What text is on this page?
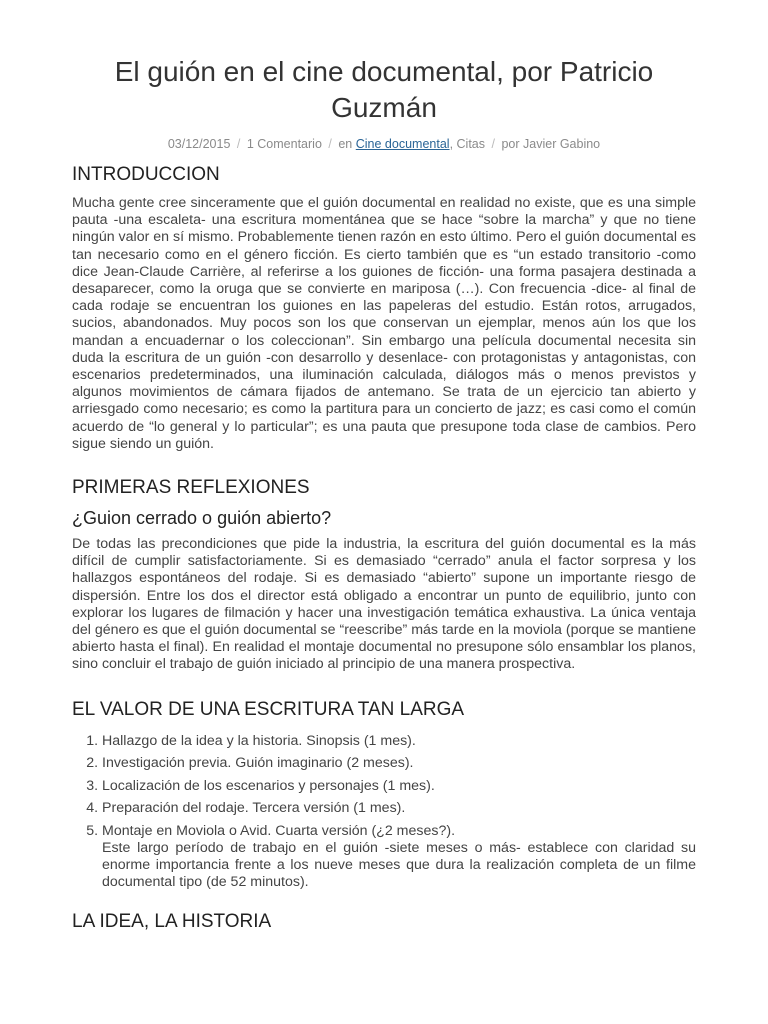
El guión en el cine documental, por Patricio Guzmán
03/12/2015 / 1 Comentario / en Cine documental, Citas / por Javier Gabino
INTRODUCCION

Mucha gente cree sinceramente que el guión documental en realidad no existe, que es una simple pauta -una escaleta- una escritura momentánea que se hace “sobre la marcha” y que no tiene ningún valor en sí mismo. Probablemente tienen razón en esto último. Pero el guión documental es tan necesario como en el género ficción. Es cierto también que es “un estado transitorio -como dice Jean-Claude Carrière, al referirse a los guiones de ficción- una forma pasajera destinada a desaparecer, como la oruga que se convierte en mariposa (…). Con frecuencia -dice- al final de cada rodaje se encuentran los guiones en las papeleras del estudio. Están rotos, arrugados, sucios, abandonados. Muy pocos son los que conservan un ejemplar, menos aún los que los mandan a encuadernar o los coleccionan”. Sin embargo una película documental necesita sin duda la escritura de un guión -con desarrollo y desenlace- con protagonistas y antagonistas, con escenarios predeterminados, una iluminación calculada, diálogos más o menos previstos y algunos movimientos de cámara fijados de antemano. Se trata de un ejercicio tan abierto y arriesgado como necesario; es como la partitura para un concierto de jazz; es casi como el común acuerdo de “lo general y lo particular”; es una pauta que presupone toda clase de cambios. Pero sigue siendo un guión.

PRIMERAS REFLEXIONES
¿Guion cerrado o guión abierto?

De todas las precondiciones que pide la industria, la escritura del guión documental es la más difícil de cumplir satisfactoriamente. Si es demasiado “cerrado” anula el factor sorpresa y los hallazgos espontáneos del rodaje. Si es demasiado “abierto” supone un importante riesgo de dispersión. Entre los dos el director está obligado a encontrar un punto de equilibrio, junto con explorar los lugares de filmación y hacer una investigación temática exhaustiva. La única ventaja del género es que el guión documental se “reescribe” más tarde en la moviola (porque se mantiene abierto hasta el final). En realidad el montaje documental no presupone sólo ensamblar los planos, sino concluir el trabajo de guión iniciado al principio de una manera prospectiva.

EL VALOR DE UNA ESCRITURA TAN LARGA
1. Hallazgo de la idea y la historia. Sinopsis (1 mes).
2. Investigación previa. Guión imaginario (2 meses).
3. Localización de los escenarios y personajes (1 mes).
4. Preparación del rodaje. Tercera versión (1 mes).
5. Montaje en Moviola o Avid. Cuarta versión (¿2 meses?).

Este largo período de trabajo en el guión -siete meses o más- establece con claridad su enorme importancia frente a los nueve meses que dura la realización completa de un filme documental tipo (de 52 minutos).

LA IDEA, LA HISTORIA
